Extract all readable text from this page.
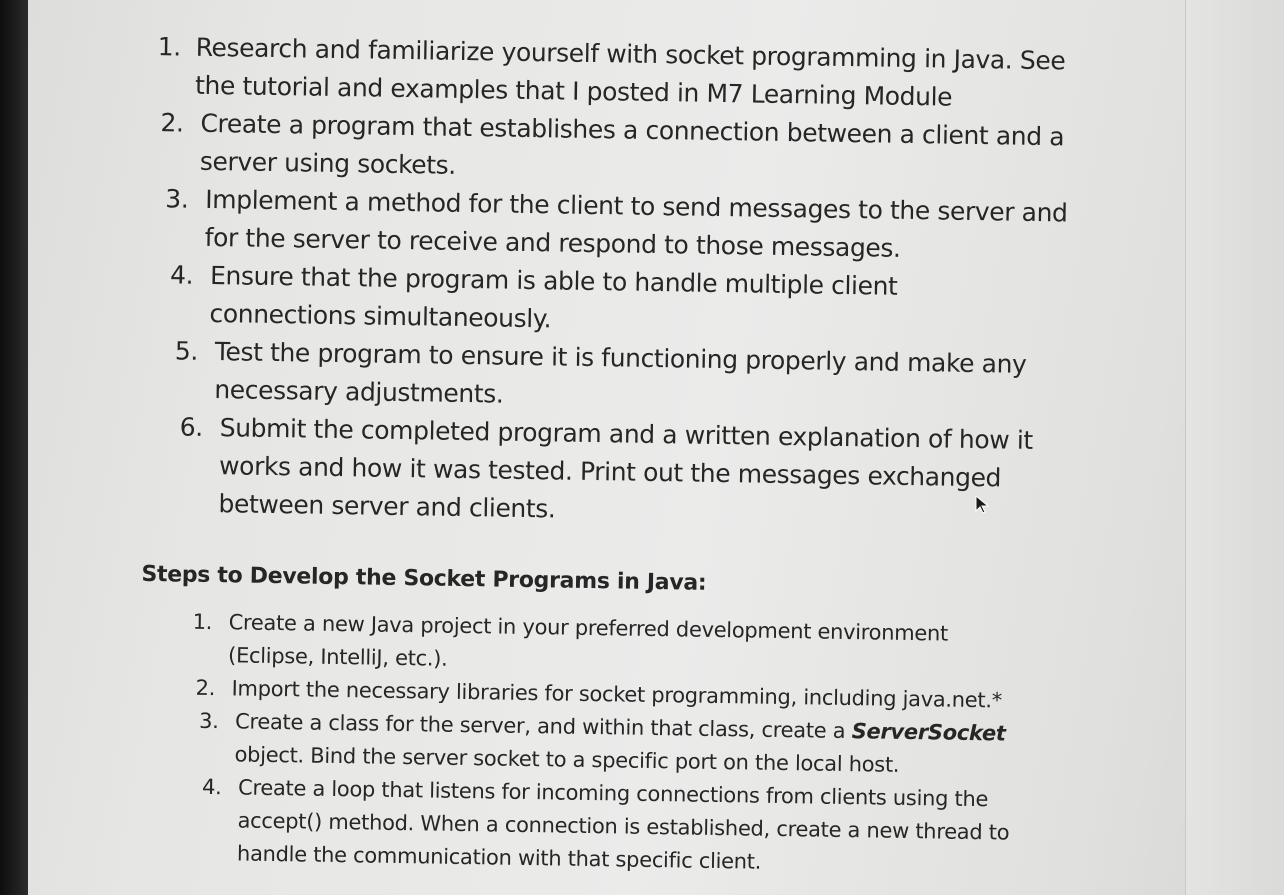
1. Research and familiarize yourself with socket programming in Java. See the tutorial and examples that I posted in M7 Learning Module
2. Create a program that establishes a connection between a client and a server using sockets.
3. Implement a method for the client to send messages to the server and for the server to receive and respond to those messages.
4. Ensure that the program is able to handle multiple client connections simultaneously.
5. Test the program to ensure it is functioning properly and make any necessary adjustments.
6. Submit the completed program and a written explanation of how it works and how it was tested. Print out the messages exchanged between server and clients.
Steps to Develop the Socket Programs in Java:
1. Create a new Java project in your preferred development environment (Eclipse, IntelliJ, etc.).
2. Import the necessary libraries for socket programming, including java.net.*
3. Create a class for the server, and within that class, create a ServerSocket object. Bind the server socket to a specific port on the local host.
4. Create a loop that listens for incoming connections from clients using the accept() method. When a connection is established, create a new thread to handle the communication with that specific client.
